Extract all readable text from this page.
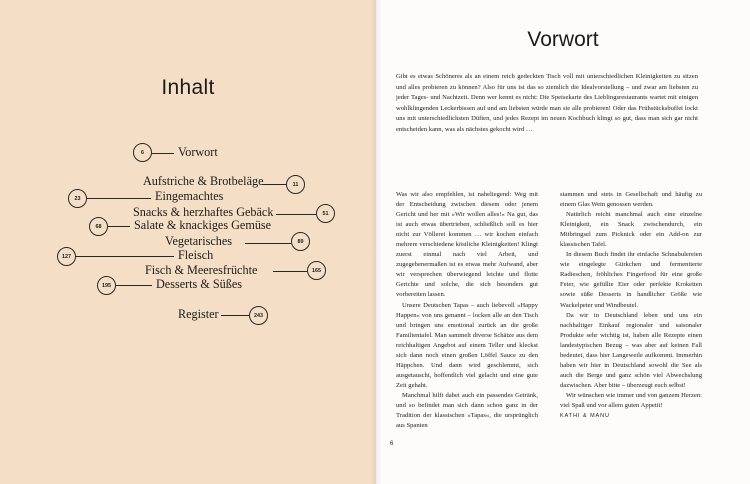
Inhalt
6	Vorwort
Aufstriche & Brotbeläge	11
23	Eingemachtes
Snacks & herzhaftes Gebäck	51
68	Salate & knackiges Gemüse
Vegetarisches	89
127	Fleisch
Fisch & Meeresfrüchte	165
195	Desserts & Süßes
Register	243
Vorwort

Gibt es etwas Schöneres als an einem reich gedeckten Tisch voll mit unterschiedlichen Kleinigkeiten zu sitzen und alles probieren zu können? Also für uns ist das so ziemlich die Idealvorstellung – und zwar am liebsten zu jeder Tages- und Nachtzeit. Denn wer kennt es nicht: Die Speisekarte des Lieblingsrestaurants wartet mit einigen wohlklingenden Leckerbissen auf und am liebsten würde man sie alle probieren! Oder das Frühstücksbuffet lockt uns mit unterschiedlichsten Düften, und jedes Rezept im neuen Kochbuch klingt so gut, dass man sich gar nicht entscheiden kann, was als nächstes gekocht wird …

Was wir also empfehlen, ist naheliegend: Weg mit der Entscheidung zwischen diesem oder jenem Gericht und her mit »Wir wollen alles!« Na gut, das ist auch etwas übertrieben, schließlich soll es hier nicht zur Völlerei kommen … wir kochen einfach mehrere verschiedene köstliche Kleinigkeiten! Klingt zuerst einmal nach viel Arbeit, und zugegebenermaßen ist es etwas mehr Aufwand, aber wir versprechen überwiegend leichte und flotte Gerichte und solche, die sich besonders gut vorbereiten lassen.

Unsere Deutschen Tapas – auch liebevoll »Happy Happen« von uns genannt – locken alle an den Tisch und bringen uns emotional zurück an die große Familientafel. Man sammelt diverse Schätze aus dem reichhaltigen Angebot auf einem Teller und kleckst sich dann noch einen großen Löffel Sauce zu den Häppchen. Und dann wird geschlemmt, sich ausgetauscht, hoffentlich viel gelacht und eine gute Zeit gehabt.

Manchmal hilft dabei auch ein passendes Getränk, und so befindet man sich dann schon ganz in der Tradition der klassischen »Tapas«, die ursprünglich aus Spanien

stammen und stets in Gesellschaft und häufig zu einem Glas Wein genossen werden.

Natürlich reicht manchmal auch eine einzelne Kleinigkeit, ein Snack zwischendurch, ein Mitbringsel zum Picknick oder ein Add-on zur klassischen Tafel.

In diesem Buch findet ihr einfache Schnabulereien wie eingelegte Gürkchen und fermentierte Radieschen, fröhliches Fingerfood für eine große Feier, wie gefüllte Eier oder perfekte Kroketten sowie süße Desserts in handlicher Größe wie Wackelpeter und Windbeutel.

Da wir in Deutschland leben und uns ein nachhaltiger Einkauf regionaler und saisonaler Produkte sehr wichtig ist, haben alle Rezepte einen landestypischen Bezug – was aber auf keinen Fall bedeutet, dass hier Langeweile aufkommt. Immerhin haben wir hier in Deutschland sowohl die See als auch die Berge und ganz schön viel Abwechslung dazwischen. Aber bitte – überzeugt euch selbst!

Wir wünschen wie immer und von ganzem Herzen: viel Spaß und vor allem guten Appetit!

KATHI & MANU

6
